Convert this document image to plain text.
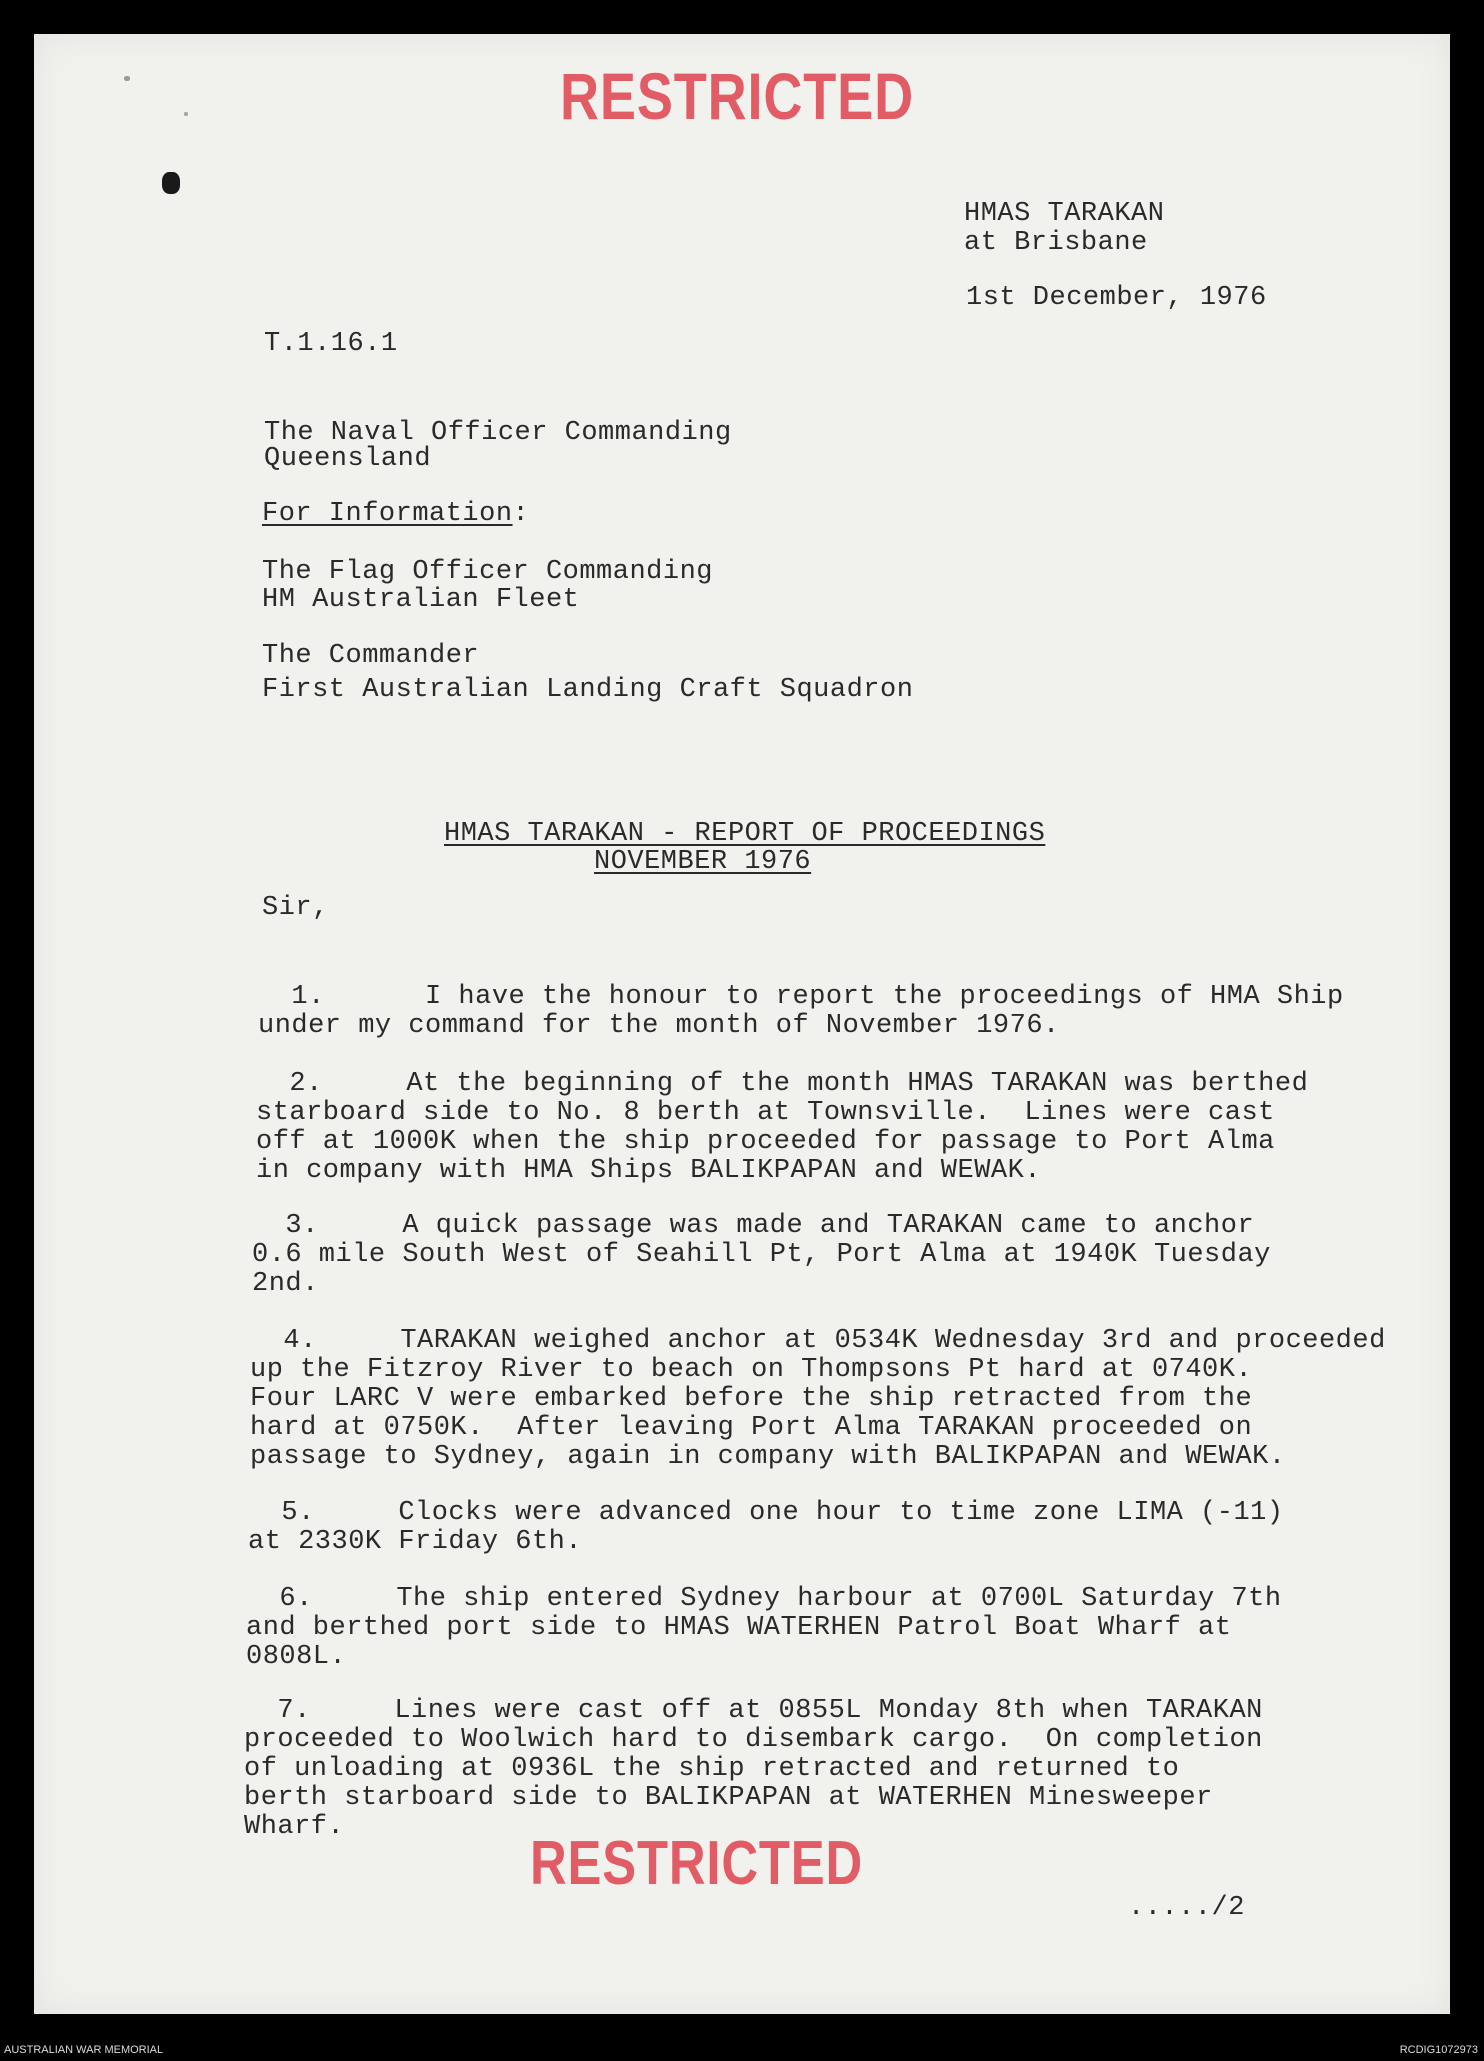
RESTRICTED
HMAS TARAKAN
at Brisbane
1st December, 1976
T.1.16.1
The Naval Officer Commanding
Queensland
For Information:
The Flag Officer Commanding
HM Australian Fleet
The Commander
First Australian Landing Craft Squadron
HMAS TARAKAN - REPORT OF PROCEEDINGS
NOVEMBER 1976
Sir,

1.	I have the honour to report the proceedings of HMA Ship
under my command for the month of November 1976.

2.	At the beginning of the month HMAS TARAKAN was berthed
starboard side to No. 8 berth at Townsville.  Lines were cast
off at 1000K when the ship proceeded for passage to Port Alma
in company with HMA Ships BALIKPAPAN and WEWAK.

3.	A quick passage was made and TARAKAN came to anchor
0.6 mile South West of Seahill Pt, Port Alma at 1940K Tuesday
2nd.

4.	TARAKAN weighed anchor at 0534K Wednesday 3rd and proceeded
up the Fitzroy River to beach on Thompsons Pt hard at 0740K.
Four LARC V were embarked before the ship retracted from the
hard at 0750K.  After leaving Port Alma TARAKAN proceeded on
passage to Sydney, again in company with BALIKPAPAN and WEWAK.

5.	Clocks were advanced one hour to time zone LIMA (-11)
at 2330K Friday 6th.

6.	The ship entered Sydney harbour at 0700L Saturday 7th
and berthed port side to HMAS WATERHEN Patrol Boat Wharf at
0808L.

7.	Lines were cast off at 0855L Monday 8th when TARAKAN
proceeded to Woolwich hard to disembark cargo.  On completion
of unloading at 0936L the ship retracted and returned to
berth starboard side to BALIKPAPAN at WATERHEN Minesweeper
Wharf.

RESTRICTED
...../2
AUSTRALIAN WAR MEMORIAL	RCDIG1072973
